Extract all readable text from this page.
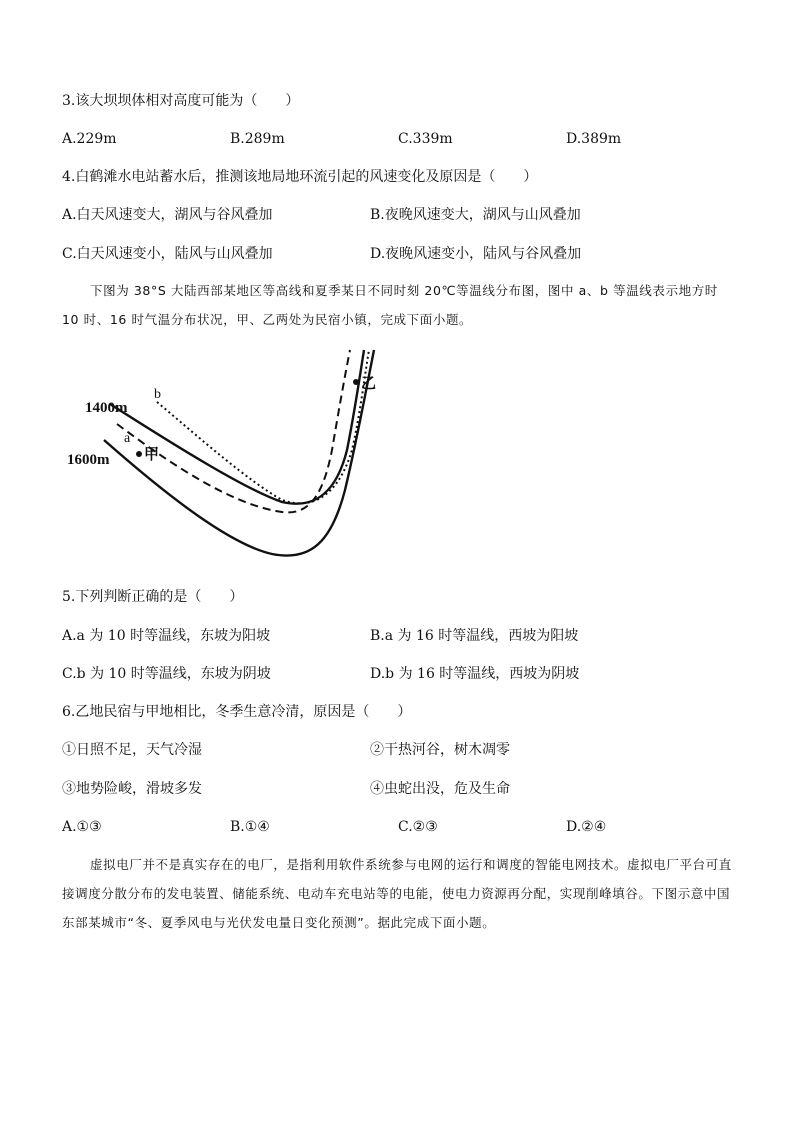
3.该大坝坝体相对高度可能为（　　）
A.229m	B.289m	C.339m	D.389m
4.白鹤滩水电站蓄水后，推测该地局地环流引起的风速变化及原因是（　　）
A.白天风速变大，湖风与谷风叠加	B.夜晚风速变大，湖风与山风叠加
C.白天风速变小，陆风与山风叠加	D.夜晚风速变小，陆风与谷风叠加
下图为 38°S 大陆西部某地区等高线和夏季某日不同时刻 20℃等温线分布图，图中 a、b 等温线表示地方时 10 时、16 时气温分布状况，甲、乙两处为民宿小镇，完成下面小题。
1400m
1600m
a
b
甲
乙
5.下列判断正确的是（　　）
A.a 为 10 时等温线，东坡为阳坡	B.a 为 16 时等温线，西坡为阳坡
C.b 为 10 时等温线，东坡为阴坡	D.b 为 16 时等温线，西坡为阴坡
6.乙地民宿与甲地相比，冬季生意冷清，原因是（　　）
①日照不足，天气冷湿	②干热河谷，树木凋零
③地势险峻，滑坡多发	④虫蛇出没，危及生命
A.①③	B.①④	C.②③	D.②④
虚拟电厂并不是真实存在的电厂，是指利用软件系统参与电网的运行和调度的智能电网技术。虚拟电厂平台可直接调度分散分布的发电装置、储能系统、电动车充电站等的电能，使电力资源再分配，实现削峰填谷。下图示意中国东部某城市“冬、夏季风电与光伏发电量日变化预测”。据此完成下面小题。
